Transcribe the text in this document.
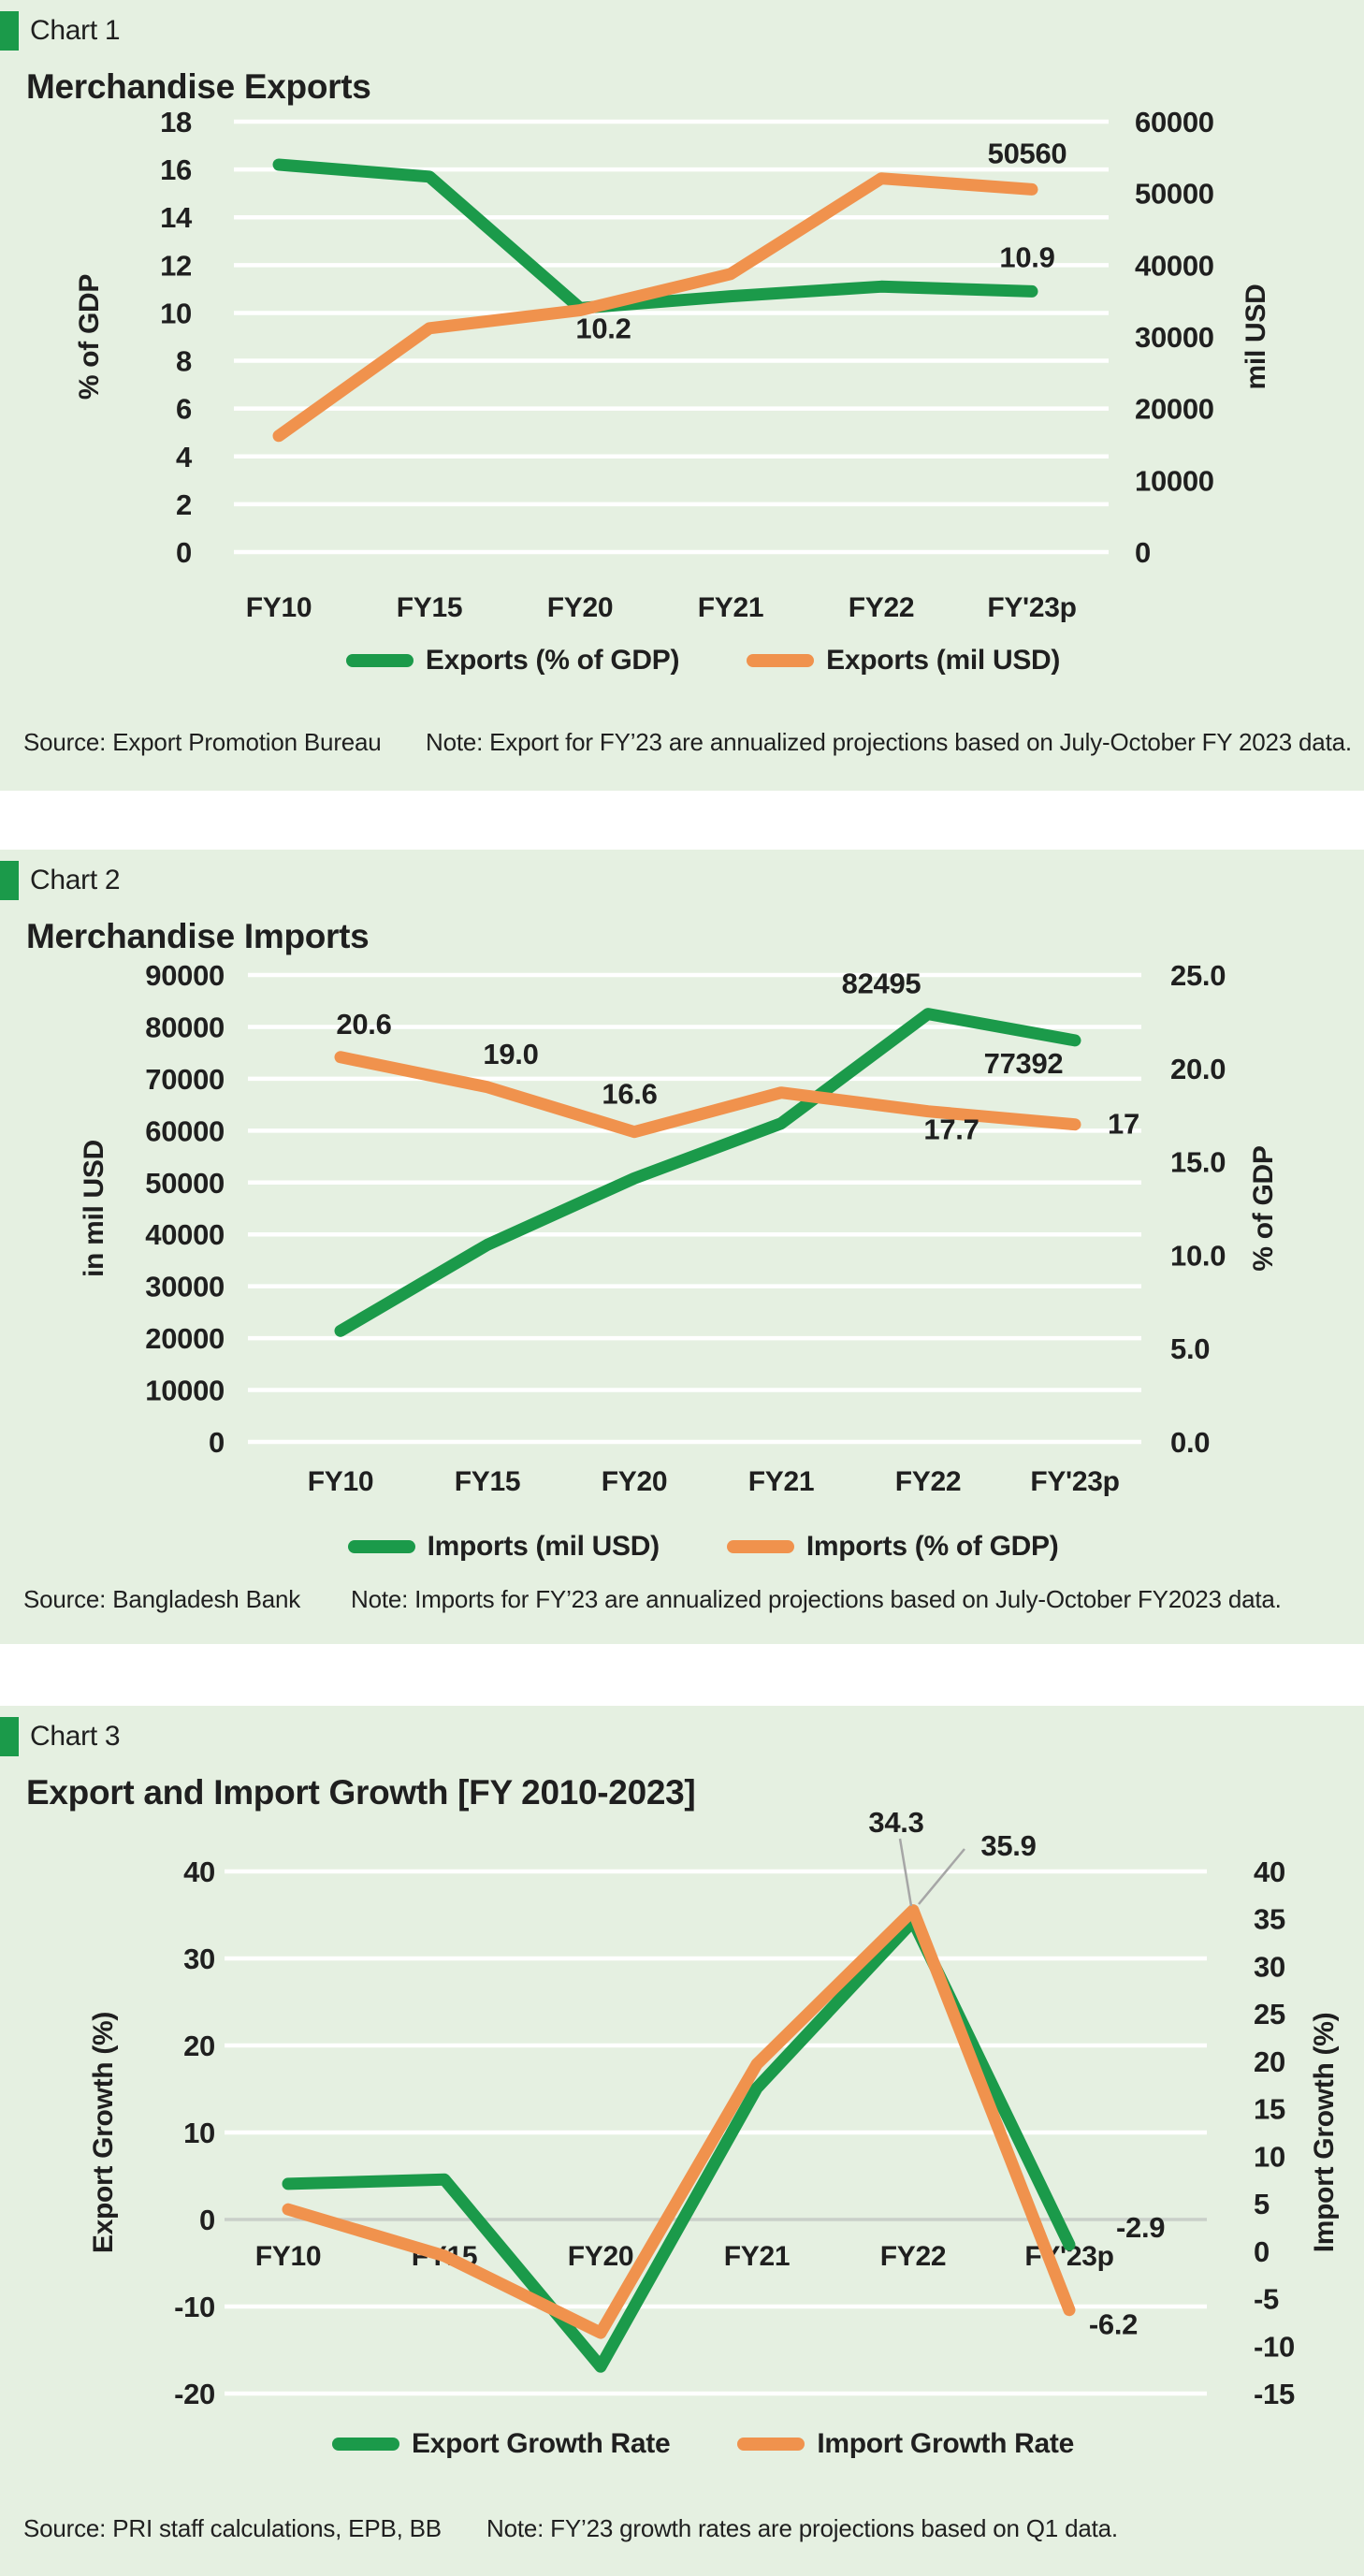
Chart 1
Merchandise Exports
18
16
14
12
10
8
6
4
2
0
60000
50000
40000
30000
20000
10000
0
FY10	FY15	FY20	FY21	FY22	FY'23p
% of GDP	mil USD
10.2
10.9
50560
Exports (% of GDP)	Exports (mil USD)
Source: Export Promotion Bureau Note: Export for FY’23 are annualized projections based on July-October FY 2023 data.
Chart 2
Merchandise Imports
90000
80000
70000
60000
50000
40000
30000
20000
10000
0
25.0
20.0
15.0
10.0
5.0
0.0
FY10	FY15	FY20	FY21	FY22 FY'23p
in mil USD	% of GDP
20.6
19.0
16.6
82495
77392
17.7	17
Imports (mil USD)	Imports (% of GDP)
Source: Bangladesh Bank Note: Imports for FY’23 are annualized projections based on July-October FY2023 data.
Chart 3
Export and Import Growth [FY 2010-2023]
40
30
20
10
0
-10
-20
40
35
30
25
20
15
10
5
0
-5
-10
-15
FY10	FY15	FY20	FY21	FY22	FY'23p
Export Growth (%)	Import Growth (%)
-2.9
-6.2
34.3
35.9
Export Growth Rate	Import Growth Rate
Source: PRI staff calculations, EPB, BB Note: FY’23 growth rates are projections based on Q1 data.
